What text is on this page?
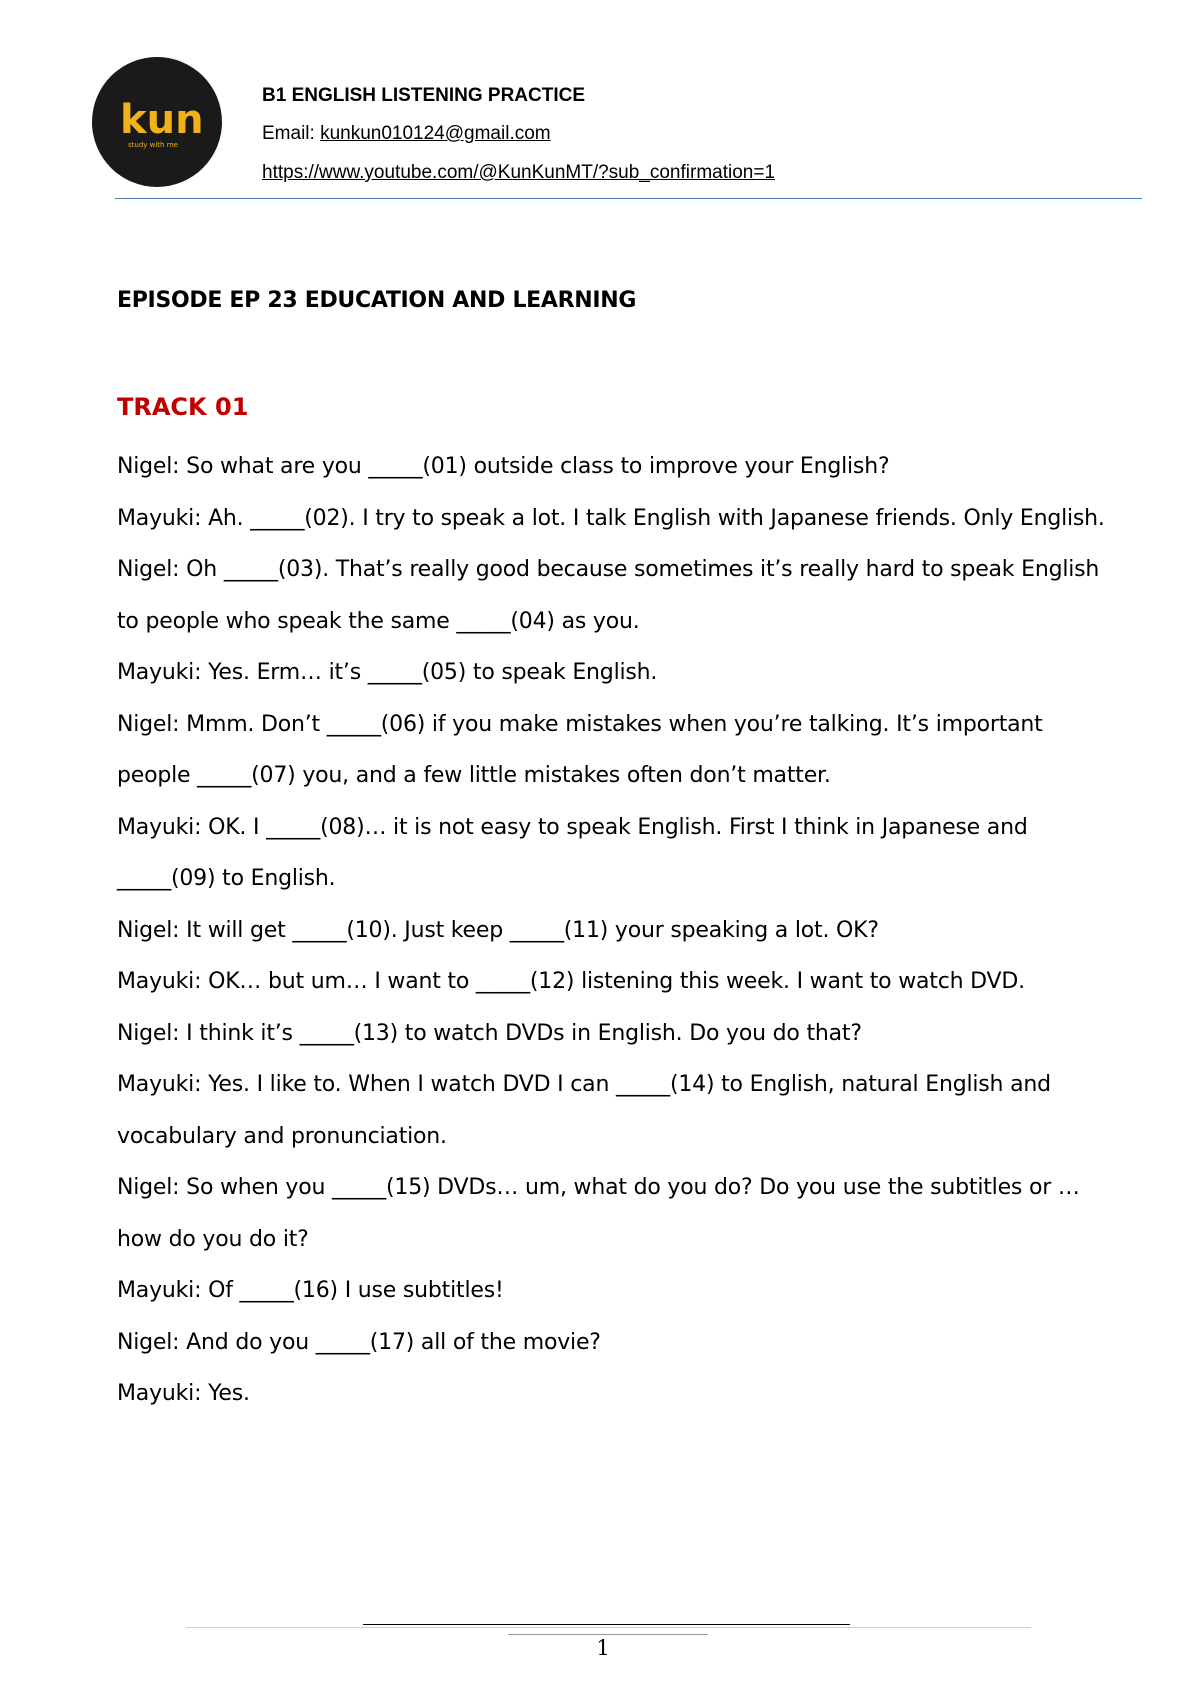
kun
study with me
B1 ENGLISH LISTENING PRACTICE
Email: kunkun010124@gmail.com
https://www.youtube.com/@KunKunMT/?sub_confirmation=1
EPISODE EP 23 EDUCATION AND LEARNING
TRACK 01

Nigel: So what are you _____(01) outside class to improve your English?

Mayuki: Ah. _____(02). I try to speak a lot. I talk English with Japanese friends. Only English.

Nigel: Oh _____(03). That’s really good because sometimes it’s really hard to speak English to people who speak the same _____(04) as you.

Mayuki: Yes. Erm… it’s _____(05) to speak English.

Nigel: Mmm. Don’t _____(06) if you make mistakes when you’re talking. It’s important people _____(07) you, and a few little mistakes often don’t matter.

Mayuki: OK. I _____(08)… it is not easy to speak English. First I think in Japanese and _____(09) to English.

Nigel: It will get _____(10). Just keep _____(11) your speaking a lot. OK?

Mayuki: OK… but um… I want to _____(12) listening this week. I want to watch DVD.

Nigel: I think it’s _____(13) to watch DVDs in English. Do you do that?

Mayuki: Yes. I like to. When I watch DVD I can _____(14) to English, natural English and vocabulary and pronunciation.

Nigel: So when you _____(15) DVDs… um, what do you do? Do you use the subtitles or … how do you do it?

Mayuki: Of _____(16) I use subtitles!

Nigel: And do you _____(17) all of the movie?

Mayuki: Yes.

1
